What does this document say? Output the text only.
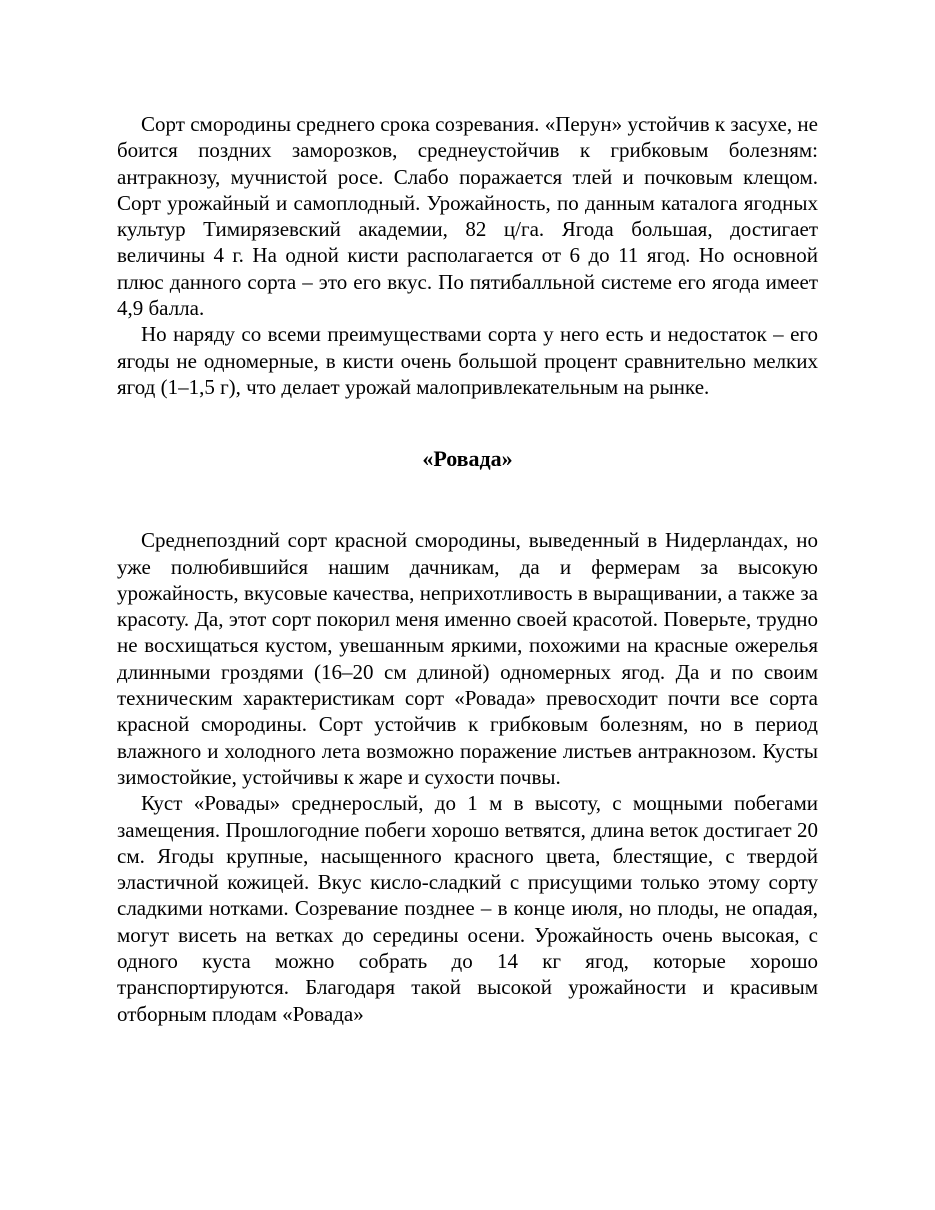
Сорт смородины среднего срока созревания. «Перун» устойчив к засухе, не боится поздних заморозков, среднеустойчив к грибковым болезням: антракнозу, мучнистой росе. Слабо поражается тлей и почковым клещом. Сорт урожайный и самоплодный. Урожайность, по данным каталога ягодных культур Тимирязевский академии, 82 ц/га. Ягода большая, достигает величины 4 г. На одной кисти располагается от 6 до 11 ягод. Но основной плюс данного сорта – это его вкус. По пятибалльной системе его ягода имеет 4,9 балла.

Но наряду со всеми преимуществами сорта у него есть и недостаток – его ягоды не одномерные, в кисти очень большой процент сравнительно мелких ягод (1–1,5 г), что делает урожай малопривлекательным на рынке.

«Ровада»

Среднепоздний сорт красной смородины, выведенный в Нидерландах, но уже полюбившийся нашим дачникам, да и фермерам за высокую урожайность, вкусовые качества, неприхотливость в выращивании, а также за красоту. Да, этот сорт покорил меня именно своей красотой. Поверьте, трудно не восхищаться кустом, увешанным яркими, похожими на красные ожерелья длинными гроздями (16–20 см длиной) одномерных ягод. Да и по своим техническим характеристикам сорт «Ровада» превосходит почти все сорта красной смородины. Сорт устойчив к грибковым болезням, но в период влажного и холодного лета возможно поражение листьев антракнозом. Кусты зимостойкие, устойчивы к жаре и сухости почвы.

Куст «Ровады» среднерослый, до 1 м в высоту, с мощными побегами замещения. Прошлогодние побеги хорошо ветвятся, длина веток достигает 20 см. Ягоды крупные, насыщенного красного цвета, блестящие, с твердой эластичной кожицей. Вкус кисло-сладкий с присущими только этому сорту сладкими нотками. Созревание позднее – в конце июля, но плоды, не опадая, могут висеть на ветках до середины осени. Урожайность очень высокая, с одного куста можно собрать до 14 кг ягод, которые хорошо транспортируются. Благодаря такой высокой урожайности и красивым отборным плодам «Ровада»
